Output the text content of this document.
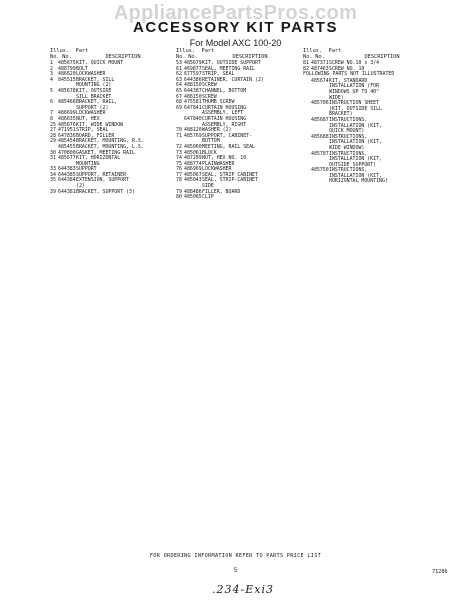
AppliancePartsPros.com
ACCESSORY KIT PARTS
For Model AXC 100-20
Illus.  Part
No. No.	DESCRIPTION
1	485675 KIT, QUICK MOUNT
2	488790 BOLT
3	486620 LOCKWASHER
4	845515 BRACKET, SILL
MOUNTING (2)
5	485678 KIT, OUTSIDE
SILL BRACKET
6	485466 BRACKET, RAIL,
SUPPORT (2)
7	486699 LOCKWASHER
8	486635 NUT, HEX
25 485676 KIT, WIDE WINDOW
27 471951 STRIP, SEAL
28 647836 BOARD, FILLER
29 485454 BRACKET, MOUNTING, R.S.
485455 BRACKET, MOUNTING, L.S.
30 470800 GASKET, MEETING RAIL
31 485677 KIT, HORIZONTAL
MOUNTING
33 644383 SUPPORT
34 644385 SUPPORT, RETAINER
35 644384 EXTENSION, SUPPORT
(2)
39 644381 BRACKET, SUPPORT (3)
Illus.  Part
No. No.	DESCRIPTION
53 485679 KIT, OUTSIDE SUPPORT
61 469877 SEAL, MEETING RAIL
62 677597 STRIP, SEAL
63 644386 RETAINER, CURTAIN (2)
64 488150 SCREW
65 644387 CHANNEL, BOTTOM
67 488150 SCREW
68 475581 THUMB SCREW
69 647841 CURTAIN HOUSING
ASSEMBLY, LEFT
647840 CURTAIN HOUSING
ASSEMBLY, RIGHT
70 488120 WASHER (2)
71 485769 SUPPORT, CABINET-
BOTTOM
72 485060 MEETING, RAIL SEAL
73 485061 BLOCK
74 487289 NUT, HEX NO. 10
75 488774 PLAINWASHER
76 486969 LOCKWASHER
77 485067 SEAL, STRIP CABINET
78 485043 SEAL, STRIP-CABINET
SIDE
79 488486 FILLER, BOARD
80 485065 CLIP
Illus.  Part
No. No.	DESCRIPTION
81 487371 SCREW NO.10 x 3/4
82 487463 SCREW NO. 10
FOLLOWING PARTS NOT ILLUSTRATED
485674 KIT, STANDARD
INSTALLATION (FOR
WINDOWS UP TO 40"
WIDE)
485706 INSTRUCTION SHEET
(KIT, OUTSIDE SILL
BRACKET)
485687 INSTRUCTIONS,
INSTALLATION (KIT,
QUICK MOUNT)
485688 INSTRUCTIONS,
INSTALLATION (KIT,
WIDE WINDOW)
485707 INSTRUCTIONS,
INSTALLATION (KIT,
OUTSIDE SUPPORT)
485750 INSTRUCTIONS,
INSTALLATION (KIT,
HORIZONTAL MOUNTING)
FOR ORDERING INFORMATION REFER TO PARTS PRICE LIST
5	71286
.234-Exi3
